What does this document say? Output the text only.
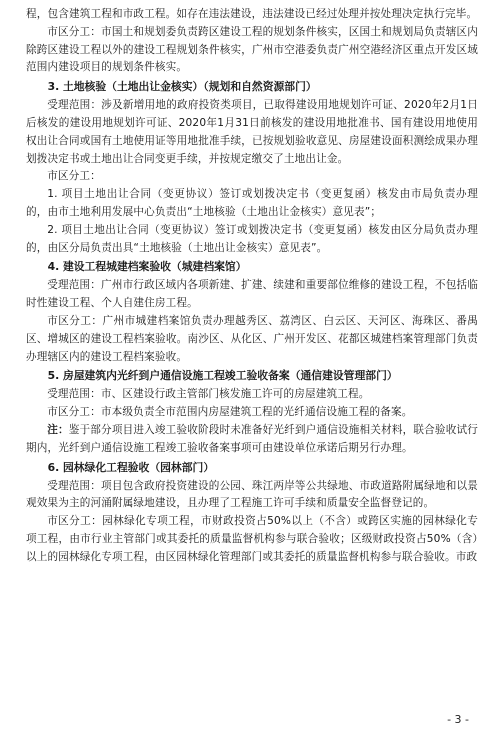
程，包含建筑工程和市政工程。如存在违法建设，违法建设已经过处理并按处理决定执行完毕。

市区分工：市国土和规划委负责跨区建设工程的规划条件核实，区国土和规划局负责辖区内除跨区建设工程以外的建设工程规划条件核实，广州市空港委负责广州空港经济区重点开发区域范围内建设项目的规划条件核实。

3. 土地核验（土地出让金核实）（规划和自然资源部门）

受理范围：涉及新增用地的政府投资类项目，已取得建设用地规划许可证、2020年2月1日后核发的建设用地规划许可证、2020年1月31日前核发的建设用地批准书、国有建设用地使用权出让合同或国有土地使用证等用地批准手续，已按规划验收意见、房屋建设面积测绘成果办理划拨决定书或土地出让合同变更手续，并按规定缴交了土地出让金。

市区分工：

1. 项目土地出让合同（变更协议）签订或划拨决定书（变更复函）核发由市局负责办理的，由市土地利用发展中心负责出“土地核验（土地出让金核实）意见表”；

2. 项目土地出让合同（变更协议）签订或划拨决定书（变更复函）核发由区分局负责办理的，由区分局负责出具“土地核验（土地出让金核实）意见表”。

4. 建设工程城建档案验收（城建档案馆）

受理范围：广州市行政区域内各项新建、扩建、续建和重要部位维修的建设工程，不包括临时性建设工程、个人自建住房工程。

市区分工：广州市城建档案馆负责办理越秀区、荔湾区、白云区、天河区、海珠区、番禺区、增城区的建设工程档案验收。南沙区、从化区、广州开发区、花都区城建档案管理部门负责办理辖区内的建设工程档案验收。

5. 房屋建筑内光纤到户通信设施工程竣工验收备案（通信建设管理部门）

受理范围：市、区建设行政主管部门核发施工许可的房屋建筑工程。

市区分工：市本级负责全市范围内房屋建筑工程的光纤通信设施工程的备案。

注：鉴于部分项目进入竣工验收阶段时未准备好光纤到户通信设施相关材料，联合验收试行期内，光纤到户通信设施工程竣工验收备案事项可由建设单位承诺后期另行办理。

6. 园林绿化工程验收（园林部门）

受理范围：项目包含政府投资建设的公园、珠江两岸等公共绿地、市政道路附属绿地和以景观效果为主的河涌附属绿地建设，且办理了工程施工许可手续和质量安全监督登记的。

市区分工：园林绿化专项工程，市财政投资占50%以上（不含）或跨区实施的园林绿化专项工程，由市行业主管部门或其委托的质量监督机构参与联合验收；区级财政投资占50%（含）以上的园林绿化专项工程，由区园林绿化管理部门或其委托的质量监督机构参与联合验收。市政

- 3 -
